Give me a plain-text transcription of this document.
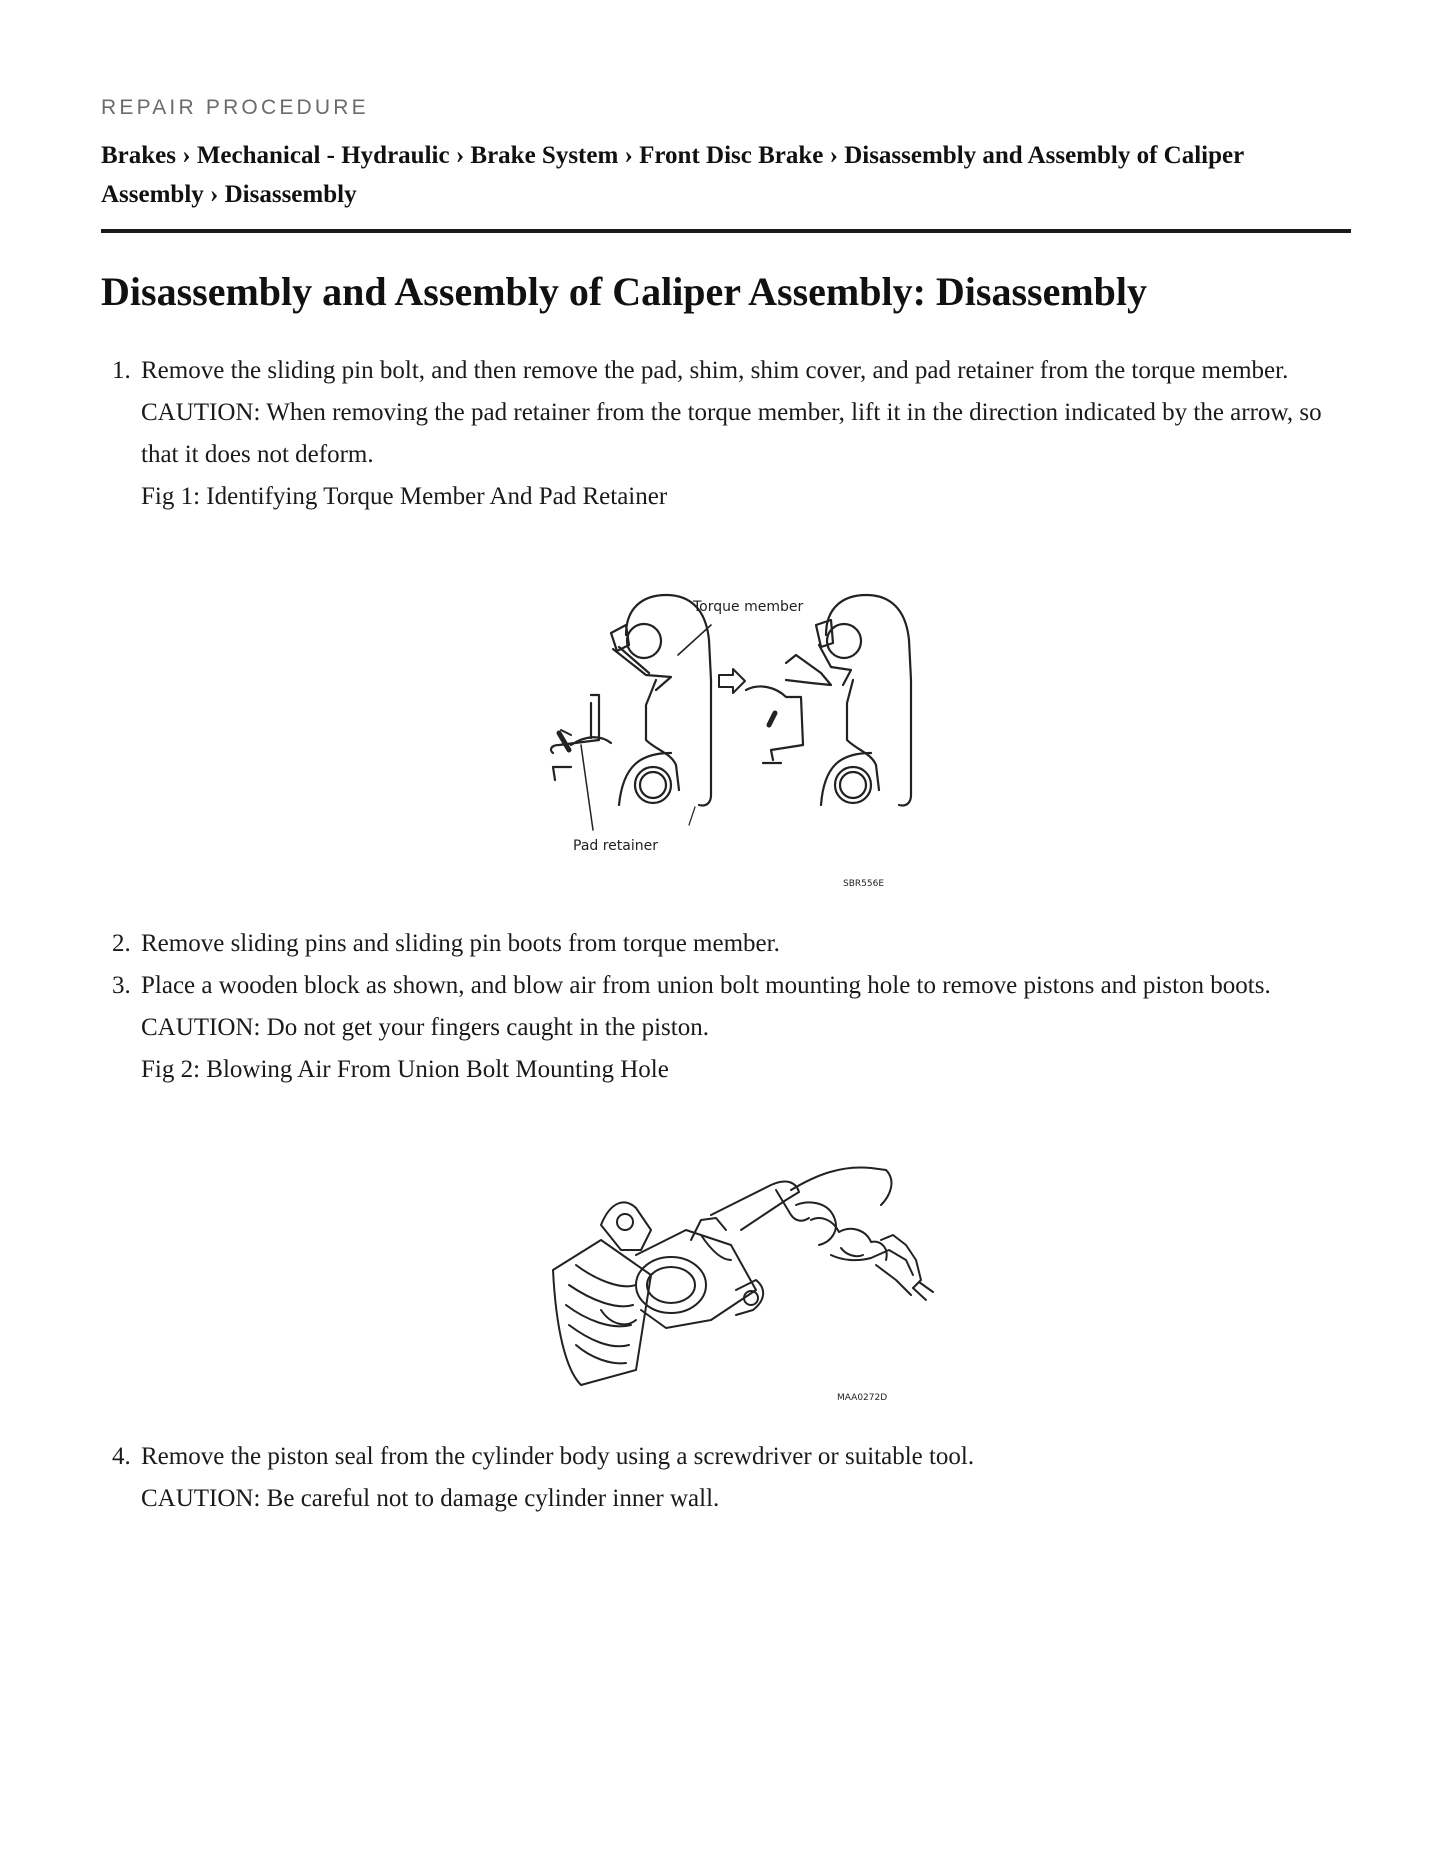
REPAIR PROCEDURE
Brakes › Mechanical - Hydraulic › Brake System › Front Disc Brake › Disassembly and Assembly of Caliper Assembly › Disassembly
Disassembly and Assembly of Caliper Assembly: Disassembly
1. Remove the sliding pin bolt, and then remove the pad, shim, shim cover, and pad retainer from the torque member.

CAUTION: When removing the pad retainer from the torque member, lift it in the direction indicated by the arrow, so that it does not deform.

Fig 1: Identifying Torque Member And Pad Retainer

Torque member
Pad retainer
SBR556E
2. Remove sliding pins and sliding pin boots from torque member.

3. Place a wooden block as shown, and blow air from union bolt mounting hole to remove pistons and piston boots.

CAUTION: Do not get your fingers caught in the piston.

Fig 2: Blowing Air From Union Bolt Mounting Hole

MAA0272D
4. Remove the piston seal from the cylinder body using a screwdriver or suitable tool.

CAUTION: Be careful not to damage cylinder inner wall.
